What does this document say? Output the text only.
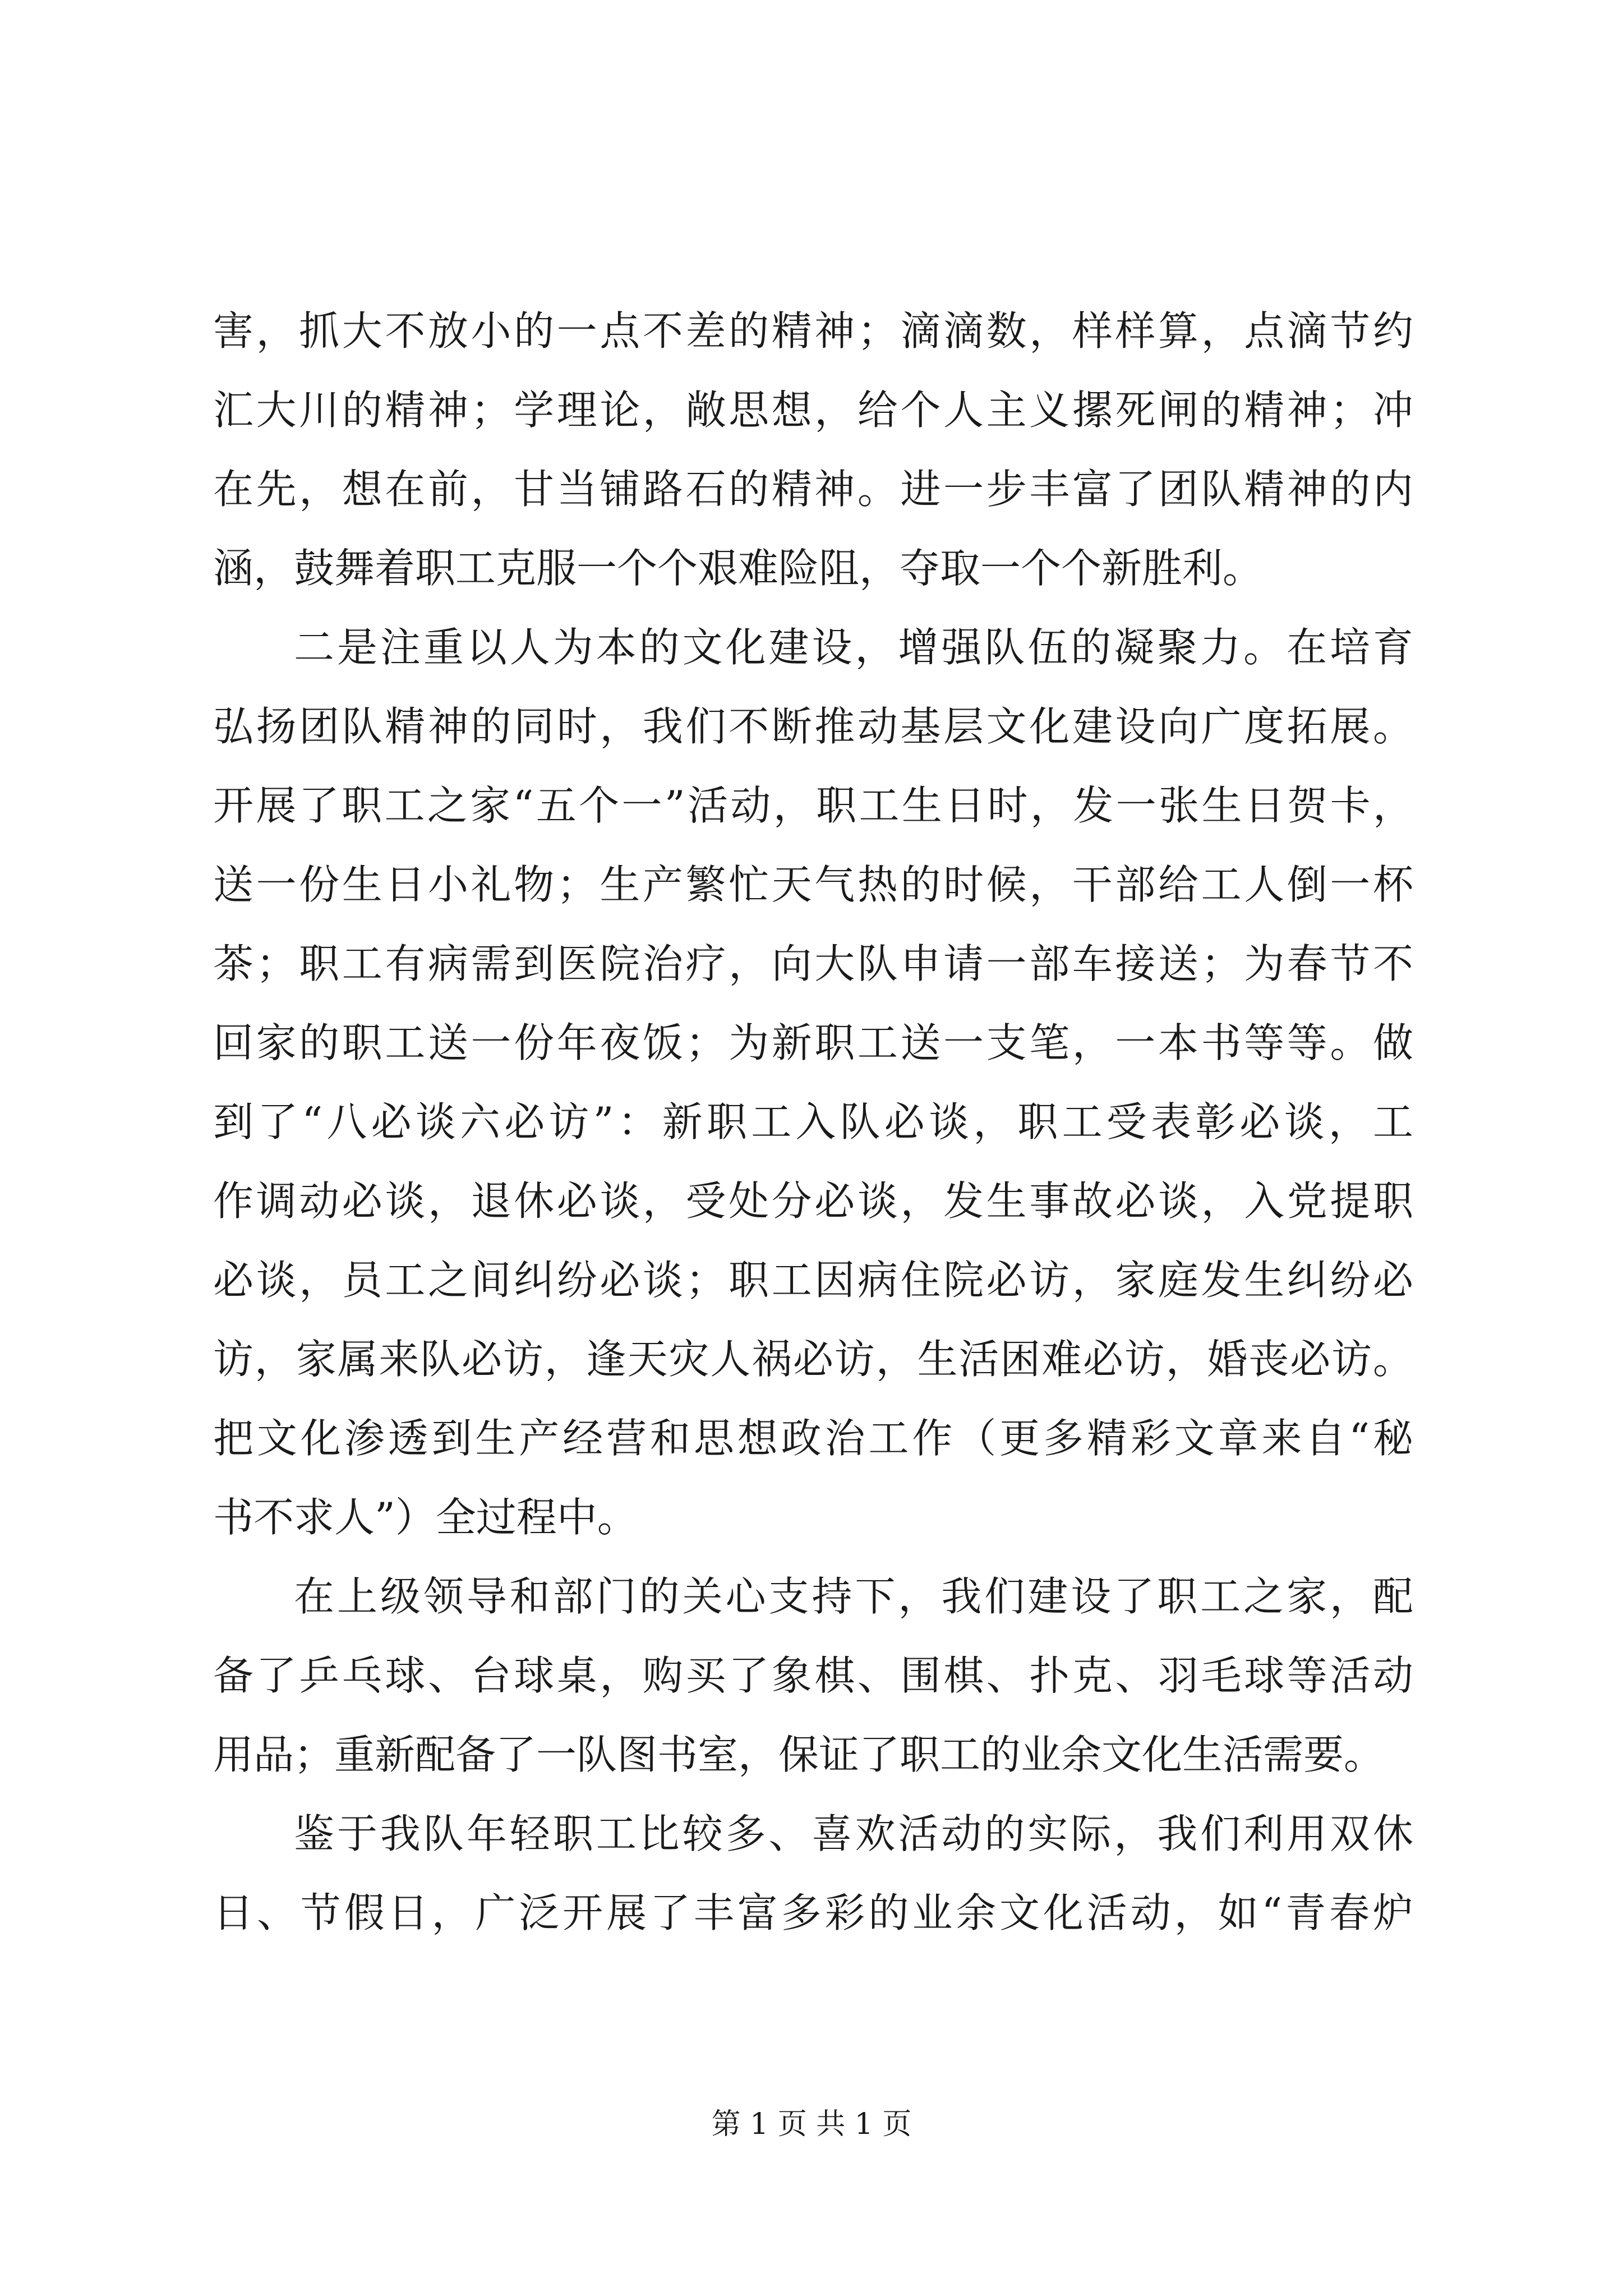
害，抓大不放小的一点不差的精神；滴滴数，样样算，点滴节约
汇大川的精神；学理论，敞思想，给个人主义摞死闸的精神；冲
在先，想在前，甘当铺路石的精神。进一步丰富了团队精神的内
涵，鼓舞着职工克服一个个艰难险阻，夺取一个个新胜利。
二是注重以人为本的文化建设，增强队伍的凝聚力。在培育
弘扬团队精神的同时，我们不断推动基层文化建设向广度拓展。
开展了职工之家“五个一”活动，职工生日时，发一张生日贺卡，
送一份生日小礼物；生产繁忙天气热的时候，干部给工人倒一杯
茶；职工有病需到医院治疗，向大队申请一部车接送；为春节不
回家的职工送一份年夜饭；为新职工送一支笔，一本书等等。做
到了“八必谈六必访”：新职工入队必谈，职工受表彰必谈，工
作调动必谈，退休必谈，受处分必谈，发生事故必谈，入党提职
必谈，员工之间纠纷必谈；职工因病住院必访，家庭发生纠纷必
访，家属来队必访，逢天灾人祸必访，生活困难必访，婚丧必访。
把文化渗透到生产经营和思想政治工作（更多精彩文章来自“秘
书不求人”）全过程中。
在上级领导和部门的关心支持下，我们建设了职工之家，配
备了乒乓球、台球桌，购买了象棋、围棋、扑克、羽毛球等活动
用品；重新配备了一队图书室，保证了职工的业余文化生活需要。
鉴于我队年轻职工比较多、喜欢活动的实际，我们利用双休
日、节假日，广泛开展了丰富多彩的业余文化活动，如“青春炉
第 1 页 共 1 页
